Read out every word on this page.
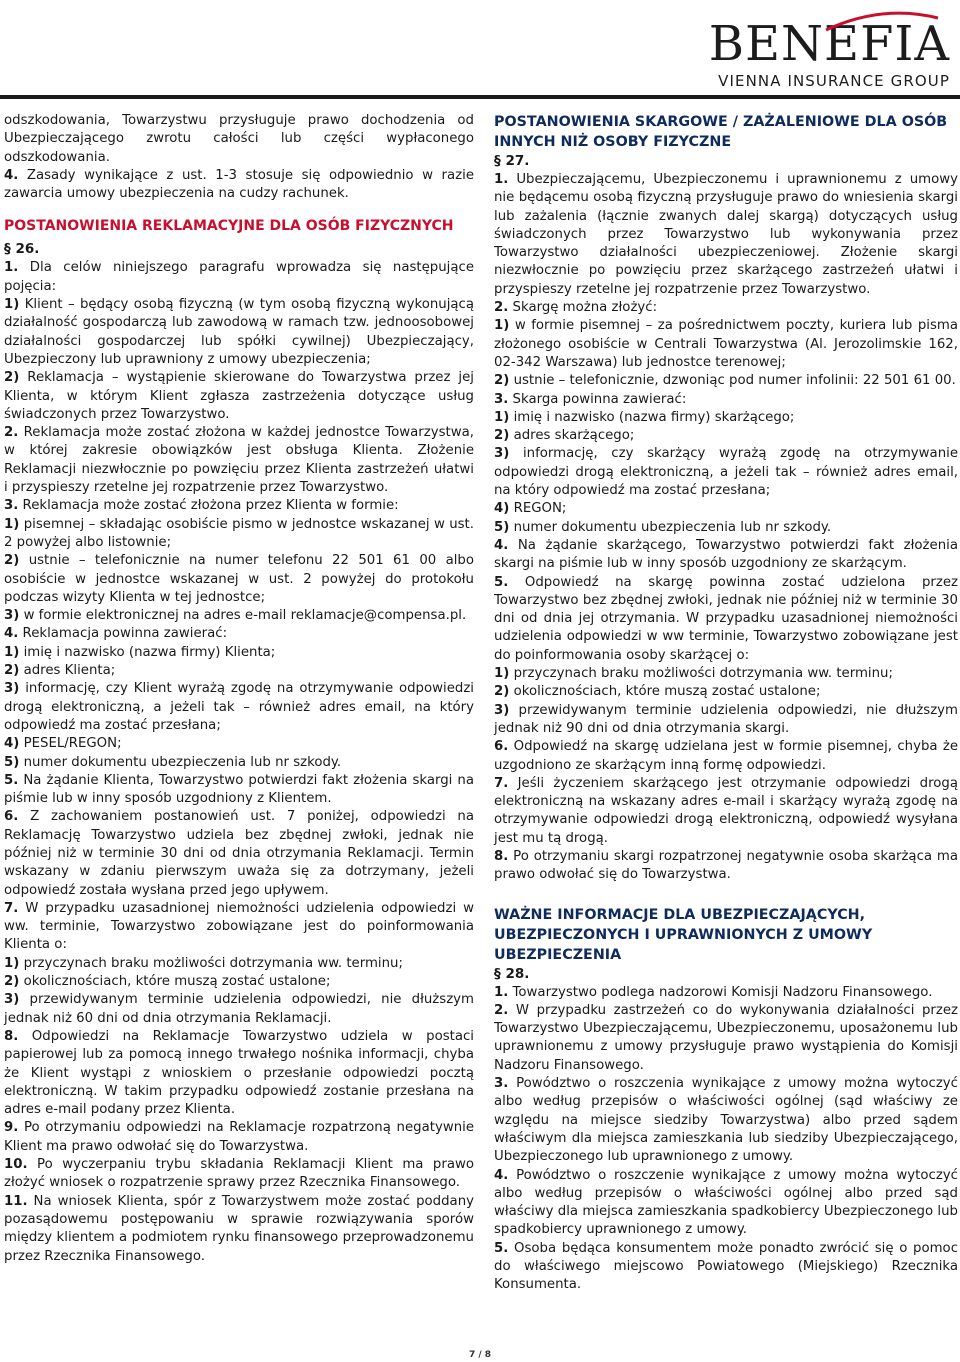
BENEFIA
VIENNA INSURANCE GROUP

odszkodowania, Towarzystwu przysługuje prawo dochodzenia od Ubezpieczającego zwrotu całości lub części wypłaconego odszkodowania.

4. Zasady wynikające z ust. 1-3 stosuje się odpowiednio w razie zawarcia umowy ubezpieczenia na cudzy rachunek.

POSTANOWIENIA REKLAMACYJNE DLA OSÓB FIZYCZNYCH
§ 26.

1. Dla celów niniejszego paragrafu wprowadza się następujące pojęcia:

1) Klient – będący osobą fizyczną (w tym osobą fizyczną wykonującą działalność gospodarczą lub zawodową w ramach tzw. jednoosobowej działalności gospodarczej lub spółki cywilnej) Ubezpieczający, Ubezpieczony lub uprawniony z umowy ubezpieczenia;

2) Reklamacja – wystąpienie skierowane do Towarzystwa przez jej Klienta, w którym Klient zgłasza zastrzeżenia dotyczące usług świadczonych przez Towarzystwo.

2. Reklamacja może zostać złożona w każdej jednostce Towarzystwa, w której zakresie obowiązków jest obsługa Klienta. Złożenie Reklamacji niezwłocznie po powzięciu przez Klienta zastrzeżeń ułatwi i przyspieszy rzetelne jej rozpatrzenie przez Towarzystwo.

3. Reklamacja może zostać złożona przez Klienta w formie:

1) pisemnej – składając osobiście pismo w jednostce wskazanej w ust. 2 powyżej albo listownie;

2) ustnie – telefonicznie na numer telefonu 22 501 61 00 albo osobiście w jednostce wskazanej w ust. 2 powyżej do protokołu podczas wizyty Klienta w tej jednostce;

3) w formie elektronicznej na adres e-mail reklamacje@compensa.pl.

4. Reklamacja powinna zawierać:

1) imię i nazwisko (nazwa firmy) Klienta;

2) adres Klienta;

3) informację, czy Klient wyrażą zgodę na otrzymywanie odpowiedzi drogą elektroniczną, a jeżeli tak – również adres email, na który odpowiedź ma zostać przesłana;

4) PESEL/REGON;

5) numer dokumentu ubezpieczenia lub nr szkody.

5. Na żądanie Klienta, Towarzystwo potwierdzi fakt złożenia skargi na piśmie lub w inny sposób uzgodniony z Klientem.

6. Z zachowaniem postanowień ust. 7 poniżej, odpowiedzi na Reklamację Towarzystwo udziela bez zbędnej zwłoki, jednak nie później niż w terminie 30 dni od dnia otrzymania Reklamacji. Termin wskazany w zdaniu pierwszym uważa się za dotrzymany, jeżeli odpowiedź została wysłana przed jego upływem.

7. W przypadku uzasadnionej niemożności udzielenia odpowiedzi w ww. terminie, Towarzystwo zobowiązane jest do poinformowania Klienta o:

1) przyczynach braku możliwości dotrzymania ww. terminu;

2) okolicznościach, które muszą zostać ustalone;

3) przewidywanym terminie udzielenia odpowiedzi, nie dłuższym jednak niż 60 dni od dnia otrzymania Reklamacji.

8. Odpowiedzi na Reklamacje Towarzystwo udziela w postaci papierowej lub za pomocą innego trwałego nośnika informacji, chyba że Klient wystąpi z wnioskiem o przesłanie odpowiedzi pocztą elektroniczną. W takim przypadku odpowiedź zostanie przesłana na adres e-mail podany przez Klienta.

9. Po otrzymaniu odpowiedzi na Reklamacje rozpatrzoną negatywnie Klient ma prawo odwołać się do Towarzystwa.

10. Po wyczerpaniu trybu składania Reklamacji Klient ma prawo złożyć wniosek o rozpatrzenie sprawy przez Rzecznika Finansowego.

11. Na wniosek Klienta, spór z Towarzystwem może zostać poddany pozasądowemu postępowaniu w sprawie rozwiązywania sporów między klientem a podmiotem rynku finansowego przeprowadzonemu przez Rzecznika Finansowego.

POSTANOWIENIA SKARGOWE / ZAŻALENIOWE DLA OSÓB INNYCH NIŻ OSOBY FIZYCZNE
§ 27.

1. Ubezpieczającemu, Ubezpieczonemu i uprawnionemu z umowy nie będącemu osobą fizyczną przysługuje prawo do wniesienia skargi lub zażalenia (łącznie zwanych dalej skargą) dotyczących usług świadczonych przez Towarzystwo lub wykonywania przez Towarzystwo działalności ubezpieczeniowej. Złożenie skargi niezwłocznie po powzięciu przez skarżącego zastrzeżeń ułatwi i przyspieszy rzetelne jej rozpatrzenie przez Towarzystwo.

2. Skargę można złożyć:

1) w formie pisemnej – za pośrednictwem poczty, kuriera lub pisma złożonego osobiście w Centrali Towarzystwa (Al. Jerozolimskie 162, 02-342 Warszawa) lub jednostce terenowej;

2) ustnie – telefonicznie, dzwoniąc pod numer infolinii: 22 501 61 00.

3. Skarga powinna zawierać:

1) imię i nazwisko (nazwa firmy) skarżącego;

2) adres skarżącego;

3) informację, czy skarżący wyrażą zgodę na otrzymywanie odpowiedzi drogą elektroniczną, a jeżeli tak – również adres email, na który odpowiedź ma zostać przesłana;

4) REGON;

5) numer dokumentu ubezpieczenia lub nr szkody.

4. Na żądanie skarżącego, Towarzystwo potwierdzi fakt złożenia skargi na piśmie lub w inny sposób uzgodniony ze skarżącym.

5. Odpowiedź na skargę powinna zostać udzielona przez Towarzystwo bez zbędnej zwłoki, jednak nie później niż w terminie 30 dni od dnia jej otrzymania. W przypadku uzasadnionej niemożności udzielenia odpowiedzi w ww terminie, Towarzystwo zobowiązane jest do poinformowania osoby skarżącej o:

1) przyczynach braku możliwości dotrzymania ww. terminu;

2) okolicznościach, które muszą zostać ustalone;

3) przewidywanym terminie udzielenia odpowiedzi, nie dłuższym jednak niż 90 dni od dnia otrzymania skargi.

6. Odpowiedź na skargę udzielana jest w formie pisemnej, chyba że uzgodniono ze skarżącym inną formę odpowiedzi.

7. Jeśli życzeniem skarżącego jest otrzymanie odpowiedzi drogą elektroniczną na wskazany adres e-mail i skarżący wyrażą zgodę na otrzymywanie odpowiedzi drogą elektroniczną, odpowiedź wysyłana jest mu tą drogą.

8. Po otrzymaniu skargi rozpatrzonej negatywnie osoba skarżąca ma prawo odwołać się do Towarzystwa.

WAŻNE INFORMACJE DLA UBEZPIECZAJĄCYCH, UBEZPIECZONYCH I UPRAWNIONYCH Z UMOWY UBEZPIECZENIA
§ 28.

1. Towarzystwo podlega nadzorowi Komisji Nadzoru Finansowego.

2. W przypadku zastrzeżeń co do wykonywania działalności przez Towarzystwo Ubezpieczającemu, Ubezpieczonemu, uposażonemu lub uprawnionemu z umowy przysługuje prawo wystąpienia do Komisji Nadzoru Finansowego.

3. Powództwo o roszczenia wynikające z umowy można wytoczyć albo według przepisów o właściwości ogólnej (sąd właściwy ze względu na miejsce siedziby Towarzystwa) albo przed sądem właściwym dla miejsca zamieszkania lub siedziby Ubezpieczającego, Ubezpieczonego lub uprawnionego z umowy.

4. Powództwo o roszczenie wynikające z umowy można wytoczyć albo według przepisów o właściwości ogólnej albo przed sąd właściwy dla miejsca zamieszkania spadkobiercy Ubezpieczonego lub spadkobiercy uprawnionego z umowy.

5. Osoba będąca konsumentem może ponadto zwrócić się o pomoc do właściwego miejscowo Powiatowego (Miejskiego) Rzecznika Konsumenta.

7 / 8
